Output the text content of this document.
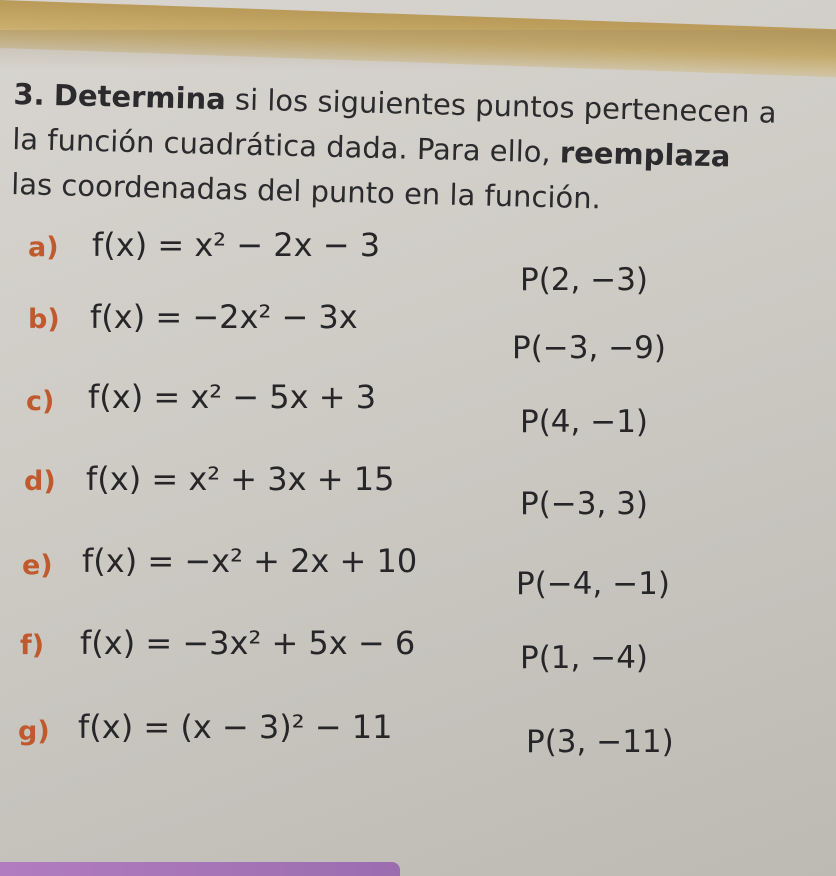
3. Determina si los siguientes puntos pertenecen a
la función cuadrática dada. Para ello, reemplaza
las coordenadas del punto en la función.
a) f(x) = x² − 2x − 3
P(2, −3)
b) f(x) = −2x² − 3x
P(−3, −9)
c) f(x) = x² − 5x + 3
P(4, −1)
d) f(x) = x² + 3x + 15
P(−3, 3)
e) f(x) = −x² + 2x + 10
P(−4, −1)
f) f(x) = −3x² + 5x − 6	P(1, −4)
g) f(x) = (x − 3)² − 11	P(3, −11)
